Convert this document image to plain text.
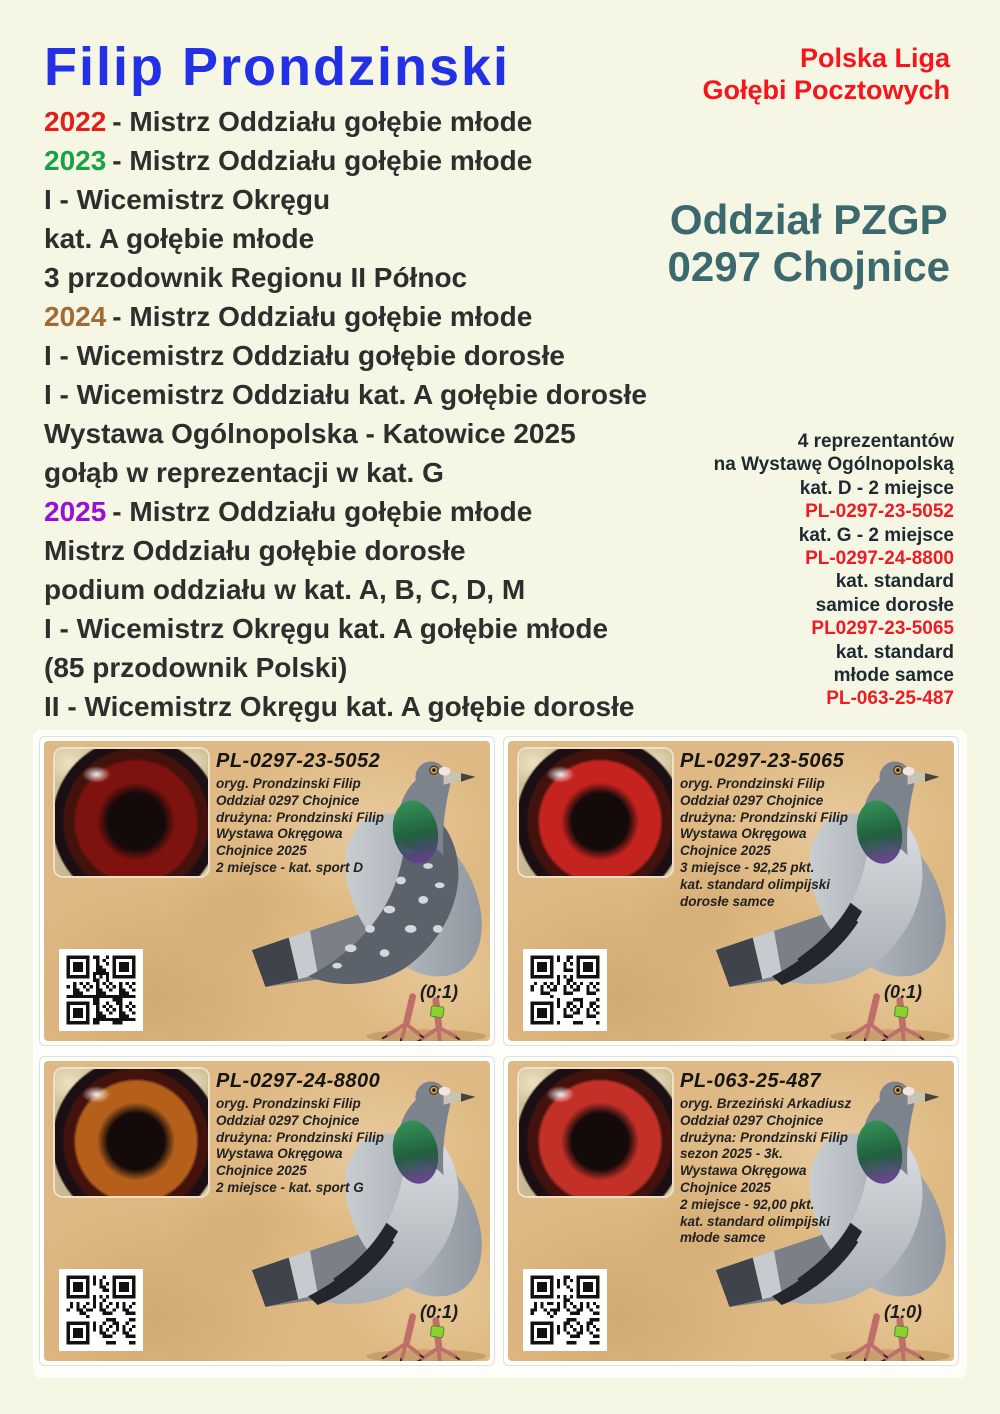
Filip Prondzinski	Polska Liga
Gołębi Pocztowych
2022 - Mistrz Oddziału gołębie młode
2023 - Mistrz Oddziału gołębie młode
I - Wicemistrz Okręgu
kat. A gołębie młode
3 przodownik Regionu II Północ
2024 - Mistrz Oddziału gołębie młode
I - Wicemistrz Oddziału gołębie dorosłe
I - Wicemistrz Oddziału kat. A gołębie dorosłe
Wystawa Ogólnopolska - Katowice 2025
gołąb w reprezentacji w kat. G
2025 - Mistrz Oddziału gołębie młode
Mistrz Oddziału gołębie dorosłe
podium oddziału w kat. A, B, C, D, M
I - Wicemistrz Okręgu kat. A gołębie młode
(85 przodownik Polski)
II - Wicemistrz Okręgu kat. A gołębie dorosłe
Oddział PZGP
0297 Chojnice
4 reprezentantów
na Wystawę Ogólnopolską
kat. D - 2 miejsce
PL-0297-23-5052
kat. G - 2 miejsce
PL-0297-24-8800
kat. standard
samice dorosłe
PL0297-23-5065
kat. standard
młode samce
PL-063-25-487
PL-0297-23-5052
oryg. Prondzinski Filip
Oddział 0297 Chojnice
drużyna: Prondzinski Filip
Wystawa Okręgowa
Chojnice 2025
2 miejsce - kat. sport D
(0:1)
PL-0297-23-5065
oryg. Prondzinski Filip
Oddział 0297 Chojnice
drużyna: Prondzinski Filip
Wystawa Okręgowa
Chojnice 2025
3 miejsce - 92,25 pkt.
kat. standard olimpijski
dorosłe samce
(0:1)
PL-0297-24-8800
oryg. Prondzinski Filip
Oddział 0297 Chojnice
drużyna: Prondzinski Filip
Wystawa Okręgowa
Chojnice 2025
2 miejsce - kat. sport G
(0:1)
PL-063-25-487
oryg. Brzeziński Arkadiusz
Oddział 0297 Chojnice
drużyna: Prondzinski Filip
sezon 2025 - 3k.
Wystawa Okręgowa
Chojnice 2025
2 miejsce - 92,00 pkt.
kat. standard olimpijski
młode samce
(1:0)
